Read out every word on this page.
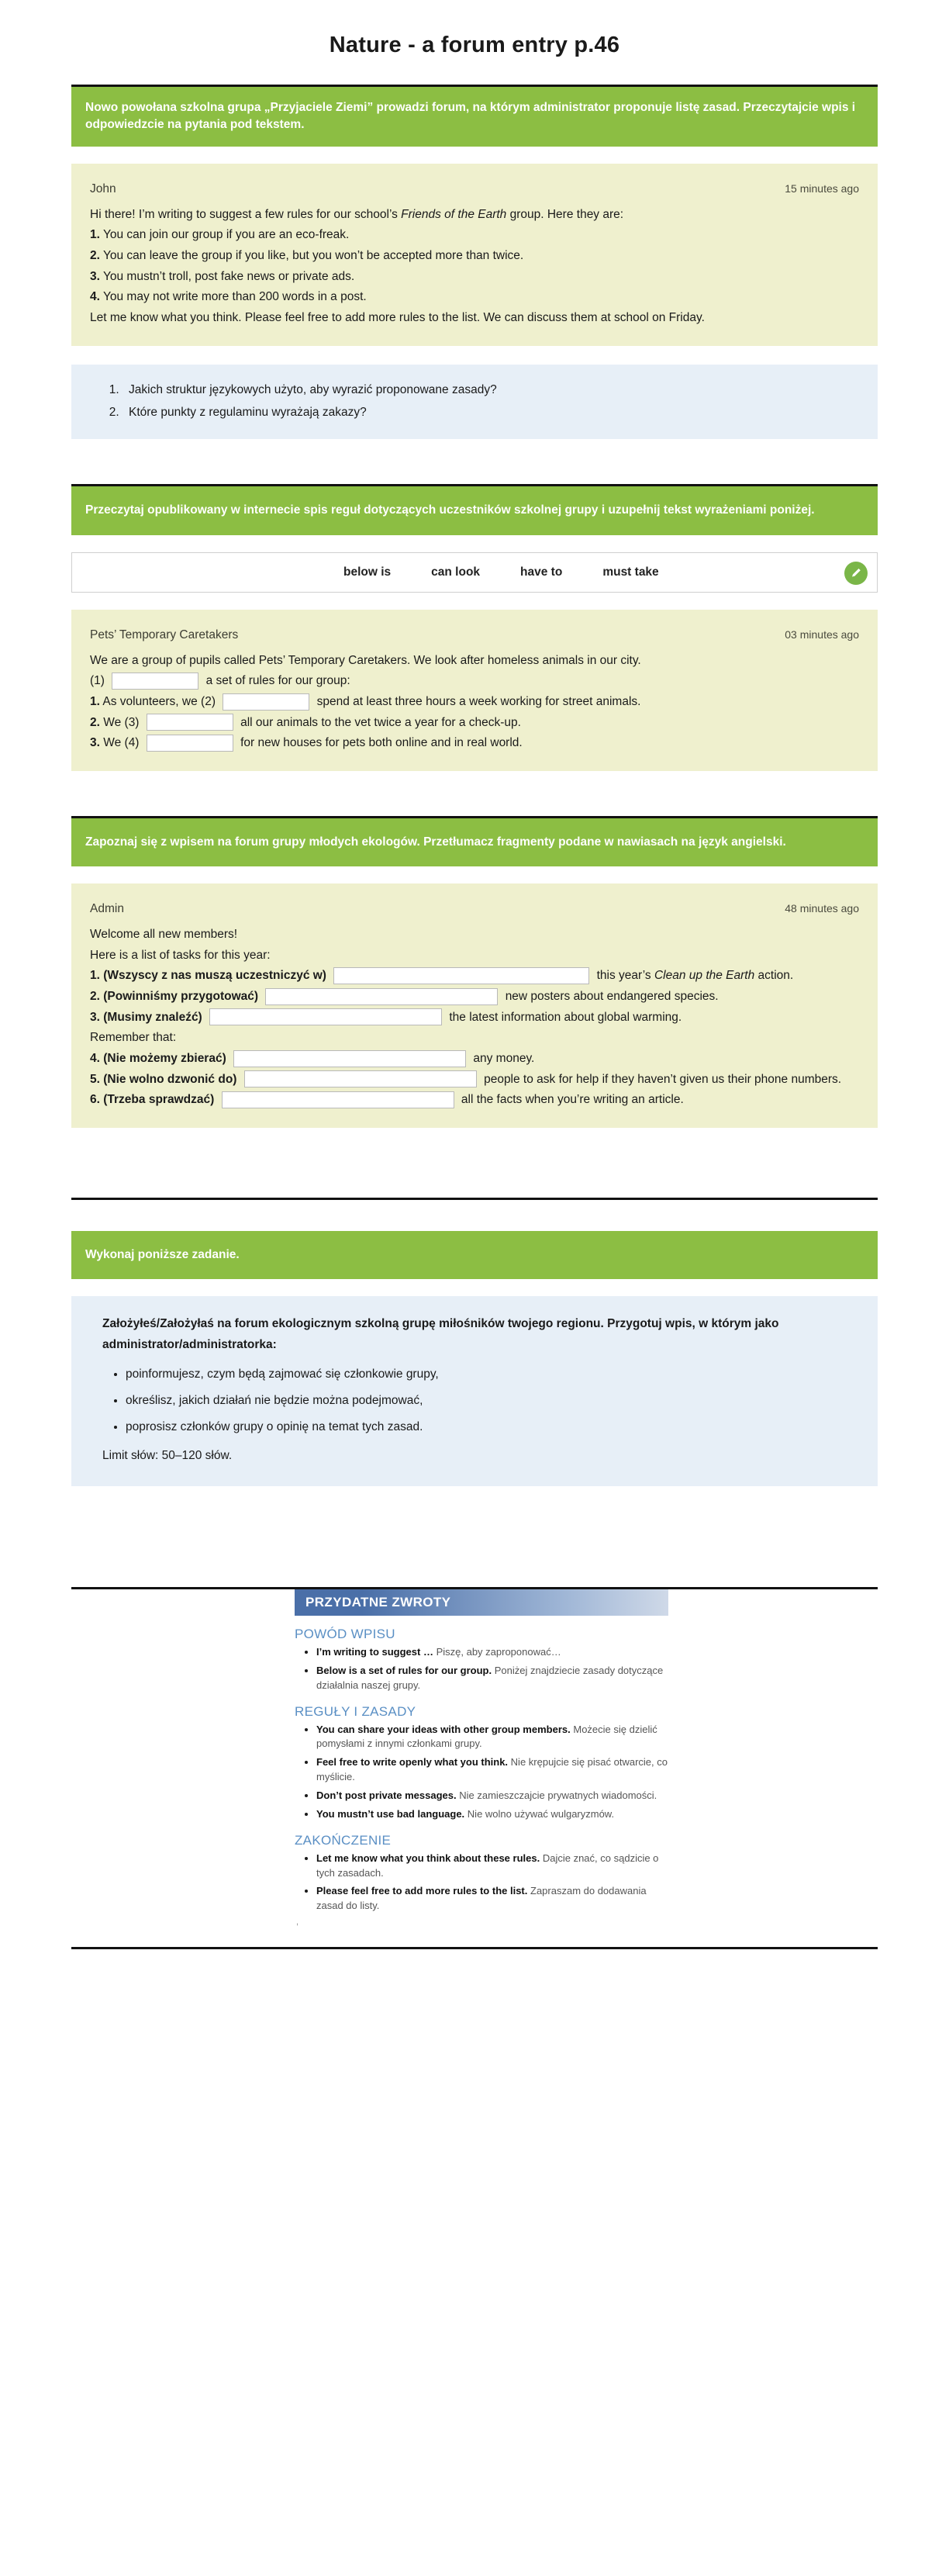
Nature - a forum entry p.46
Nowo powołana szkolna grupa „Przyjaciele Ziemi” prowadzi forum, na którym administrator proponuje listę zasad. Przeczytajcie wpis i odpowiedzcie na pytania pod tekstem.
John	15 minutes ago

Hi there! I’m writing to suggest a few rules for our school’s Friends of the Earth group. Here they are:

1. You can join our group if you are an eco-freak.

2. You can leave the group if you like, but you won’t be accepted more than twice.

3. You mustn’t troll, post fake news or private ads.

4. You may not write more than 200 words in a post.

Let me know what you think. Please feel free to add more rules to the list. We can discuss them at school on Friday.

1. Jakich struktur językowych użyto, aby wyrazić proponowane zasady?
2. Które punkty z regulaminu wyrażają zakazy?
Przeczytaj opublikowany w internecie spis reguł dotyczących uczestników szkolnej grupy i uzupełnij tekst wyrażeniami poniżej.
below is	can look	have to	must take
Pets’ Temporary Caretakers	03 minutes ago

We are a group of pupils called Pets’ Temporary Caretakers. We look after homeless animals in our city.

(1)	a set of rules for our group:

1. As volunteers, we (2)	spend at least three hours a week working for street animals.

2. We (3)	all our animals to the vet twice a year for a check-up.

3. We (4)	for new houses for pets both online and in real world.

Zapoznaj się z wpisem na forum grupy młodych ekologów. Przetłumacz fragmenty podane w nawiasach na język angielski.
Admin	48 minutes ago

Welcome all new members!

Here is a list of tasks for this year:

1. (Wszyscy z nas muszą uczestniczyć w)	this year’s Clean up the Earth action.

2. (Powinniśmy przygotować)	new posters about endangered species.

3. (Musimy znaleźć)	the latest information about global warming.

Remember that:

4. (Nie możemy zbierać)	any money.

5. (Nie wolno dzwonić do)	people to ask for help if they haven’t given us their phone numbers.

6. (Trzeba sprawdzać)	all the facts when you’re writing an article.

Wykonaj poniższe zadanie.

Założyłeś/Założyłaś na forum ekologicznym szkolną grupę miłośników twojego regionu. Przygotuj wpis, w którym jako administrator/administratorka:

• poinformujesz, czym będą zajmować się członkowie grupy,
• określisz, jakich działań nie będzie można podejmować,
• poprosisz członków grupy o opinię na temat tych zasad.

Limit słów: 50–120 słów.

PRZYDATNE ZWROTY
POWÓD WPISU
• I’m writing to suggest … Piszę, aby zaproponować…
• Below is a set of rules for our group. Poniżej znajdziecie zasady dotyczące działalnia naszej grupy.
REGUŁY I ZASADY
• You can share your ideas with other group members. Możecie się dzielić pomysłami z innymi członkami grupy.
• Feel free to write openly what you think. Nie krępujcie się pisać otwarcie, co myślicie.
• Don’t post private messages. Nie zamieszczajcie prywatnych wiadomości.
• You mustn’t use bad language. Nie wolno używać wulgaryzmów.
ZAKOŃCZENIE
• Let me know what you think about these rules. Dajcie znać, co sądzicie o tych zasadach.
• Please feel free to add more rules to the list. Zapraszam do dodawania zasad do listy.
,
